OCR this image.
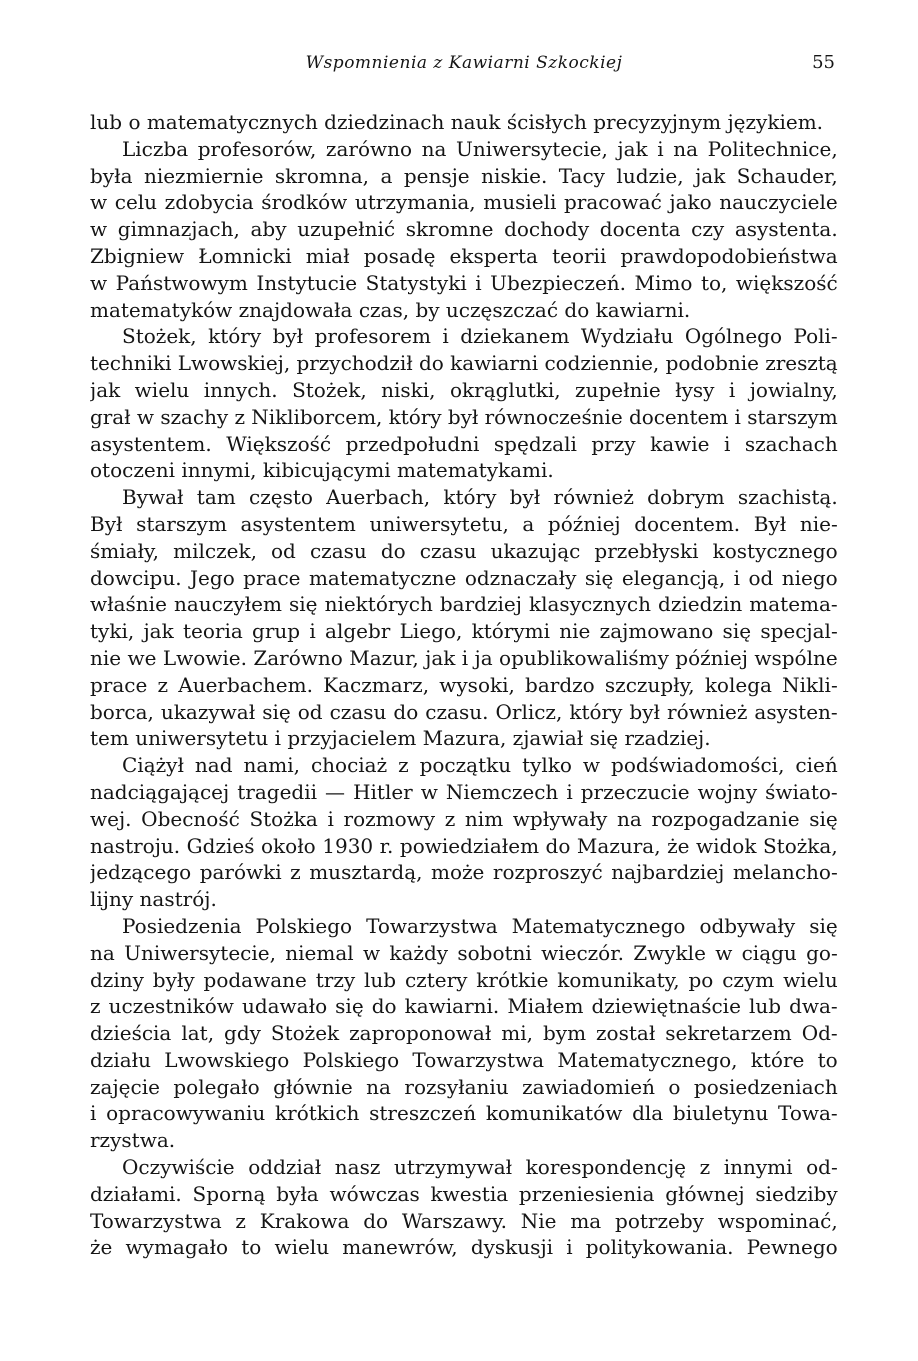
Wspomnienia z Kawiarni Szkockiej	55
lub o matematycznych dziedzinach nauk ścisłych precyzyjnym językiem.
Liczba profesorów, zarówno na Uniwersytecie, jak i na Politechnice,
była niezmiernie skromna, a pensje niskie. Tacy ludzie, jak Schauder,
w celu zdobycia środków utrzymania, musieli pracować jako nauczyciele
w gimnazjach, aby uzupełnić skromne dochody docenta czy asystenta.
Zbigniew Łomnicki miał posadę eksperta teorii prawdopodobieństwa
w Państwowym Instytucie Statystyki i Ubezpieczeń. Mimo to, większość
matematyków znajdowała czas, by uczęszczać do kawiarni.
Stożek, który był profesorem i dziekanem Wydziału Ogólnego Poli-
techniki Lwowskiej, przychodził do kawiarni codziennie, podobnie zresztą
jak wielu innych. Stożek, niski, okrąglutki, zupełnie łysy i jowialny,
grał w szachy z Nikliborcem, który był równocześnie docentem i starszym
asystentem. Większość przedpołudni spędzali przy kawie i szachach
otoczeni innymi, kibicującymi matematykami.
Bywał tam często Auerbach, który był również dobrym szachistą.
Był starszym asystentem uniwersytetu, a później docentem. Był nie-
śmiały, milczek, od czasu do czasu ukazując przebłyski kostycznego
dowcipu. Jego prace matematyczne odznaczały się elegancją, i od niego
właśnie nauczyłem się niektórych bardziej klasycznych dziedzin matema-
tyki, jak teoria grup i algebr Liego, którymi nie zajmowano się specjal-
nie we Lwowie. Zarówno Mazur, jak i ja opublikowaliśmy później wspólne
prace z Auerbachem. Kaczmarz, wysoki, bardzo szczupły, kolega Nikli-
borca, ukazywał się od czasu do czasu. Orlicz, który był również asysten-
tem uniwersytetu i przyjacielem Mazura, zjawiał się rzadziej.
Ciążył nad nami, chociaż z początku tylko w podświadomości, cień
nadciągającej tragedii — Hitler w Niemczech i przeczucie wojny świato-
wej. Obecność Stożka i rozmowy z nim wpływały na rozpogadzanie się
nastroju. Gdzieś około 1930 r. powiedziałem do Mazura, że widok Stożka,
jedzącego parówki z musztardą, może rozproszyć najbardziej melancho-
lijny nastrój.
Posiedzenia Polskiego Towarzystwa Matematycznego odbywały się
na Uniwersytecie, niemal w każdy sobotni wieczór. Zwykle w ciągu go-
dziny były podawane trzy lub cztery krótkie komunikaty, po czym wielu
z uczestników udawało się do kawiarni. Miałem dziewiętnaście lub dwa-
dzieścia lat, gdy Stożek zaproponował mi, bym został sekretarzem Od-
działu Lwowskiego Polskiego Towarzystwa Matematycznego, które to
zajęcie polegało głównie na rozsyłaniu zawiadomień o posiedzeniach
i opracowywaniu krótkich streszczeń komunikatów dla biuletynu Towa-
rzystwa.
Oczywiście oddział nasz utrzymywał korespondencję z innymi od-
działami. Sporną była wówczas kwestia przeniesienia głównej siedziby
Towarzystwa z Krakowa do Warszawy. Nie ma potrzeby wspominać,
że wymagało to wielu manewrów, dyskusji i politykowania. Pewnego
